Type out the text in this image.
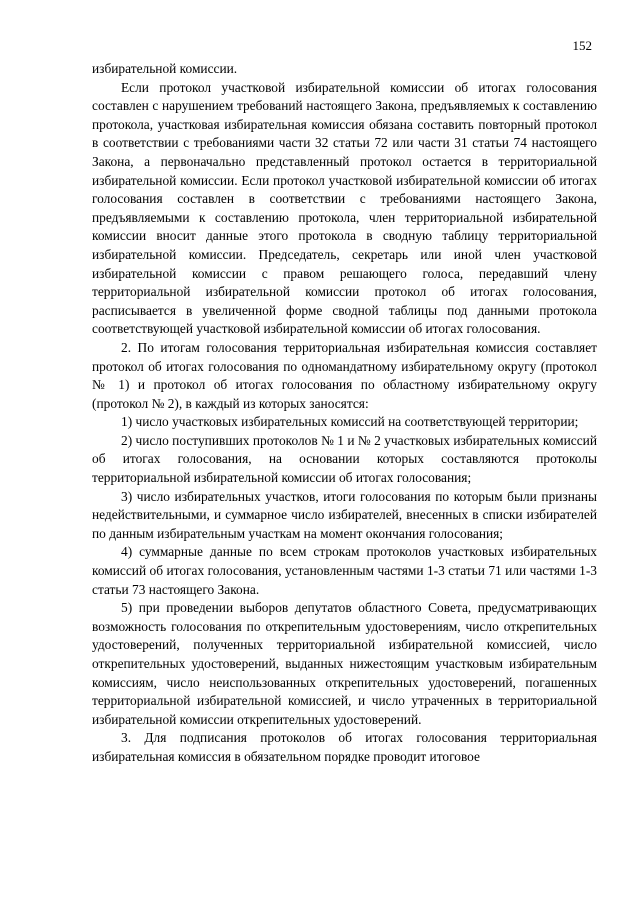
152

избирательной комиссии.

Если протокол участковой избирательной комиссии об итогах голосования составлен с нарушением требований настоящего Закона, предъявляемых к составлению протокола, участковая избирательная комиссия обязана составить повторный протокол в соответствии с требованиями части 32 статьи 72 или части 31 статьи 74 настоящего Закона, а первоначально представленный протокол остается в территориальной избирательной комиссии. Если протокол участковой избирательной комиссии об итогах голосования составлен в соответствии с требованиями настоящего Закона, предъявляемыми к составлению протокола, член территориальной избирательной комиссии вносит данные этого протокола в сводную таблицу территориальной избирательной комиссии. Председатель, секретарь или иной член участковой избирательной комиссии с правом решающего голоса, передавший члену территориальной избирательной комиссии протокол об итогах голосования, расписывается в увеличенной форме сводной таблицы под данными протокола соответствующей участковой избирательной комиссии об итогах голосования.

2. По итогам голосования территориальная избирательная комиссия составляет протокол об итогах голосования по одномандатному избирательному округу (протокол № 1) и протокол об итогах голосования по областному избирательному округу (протокол № 2), в каждый из которых заносятся:

1) число участковых избирательных комиссий на соответствующей территории;

2) число поступивших протоколов № 1 и № 2 участковых избирательных комиссий об итогах голосования, на основании которых составляются протоколы территориальной избирательной комиссии об итогах голосования;

3) число избирательных участков, итоги голосования по которым были признаны недействительными, и суммарное число избирателей, внесенных в списки избирателей по данным избирательным участкам на момент окончания голосования;

4) суммарные данные по всем строкам протоколов участковых избирательных комиссий об итогах голосования, установленным частями 1-3 статьи 71 или частями 1-3 статьи 73 настоящего Закона.

5) при проведении выборов депутатов областного Совета, предусматривающих возможность голосования по открепительным удостоверениям, число открепительных удостоверений, полученных территориальной избирательной комиссией, число открепительных удостоверений, выданных нижестоящим участковым избирательным комиссиям, число неиспользованных открепительных удостоверений, погашенных территориальной избирательной комиссией, и число утраченных в территориальной избирательной комиссии открепительных удостоверений.

3. Для подписания протоколов об итогах голосования территориальная избирательная комиссия в обязательном порядке проводит итоговое
